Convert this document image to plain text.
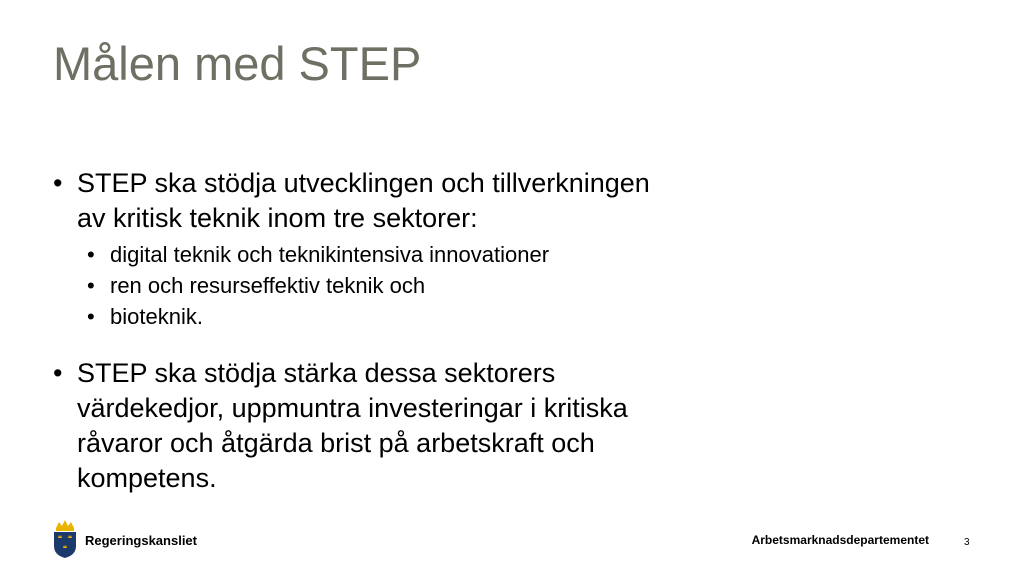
Målen med STEP
• STEP ska stödja utvecklingen och tillverkningen
av kritisk teknik inom tre sektorer:
• digital teknik och teknikintensiva innovationer
• ren och resurseffektiv teknik och
• bioteknik.
• STEP ska stödja stärka dessa sektorers
värdekedjor, uppmuntra investeringar i kritiska
råvaror och åtgärda brist på arbetskraft och
kompetens.
Regeringskansliet	Arbetsmarknadsdepartementet	3
